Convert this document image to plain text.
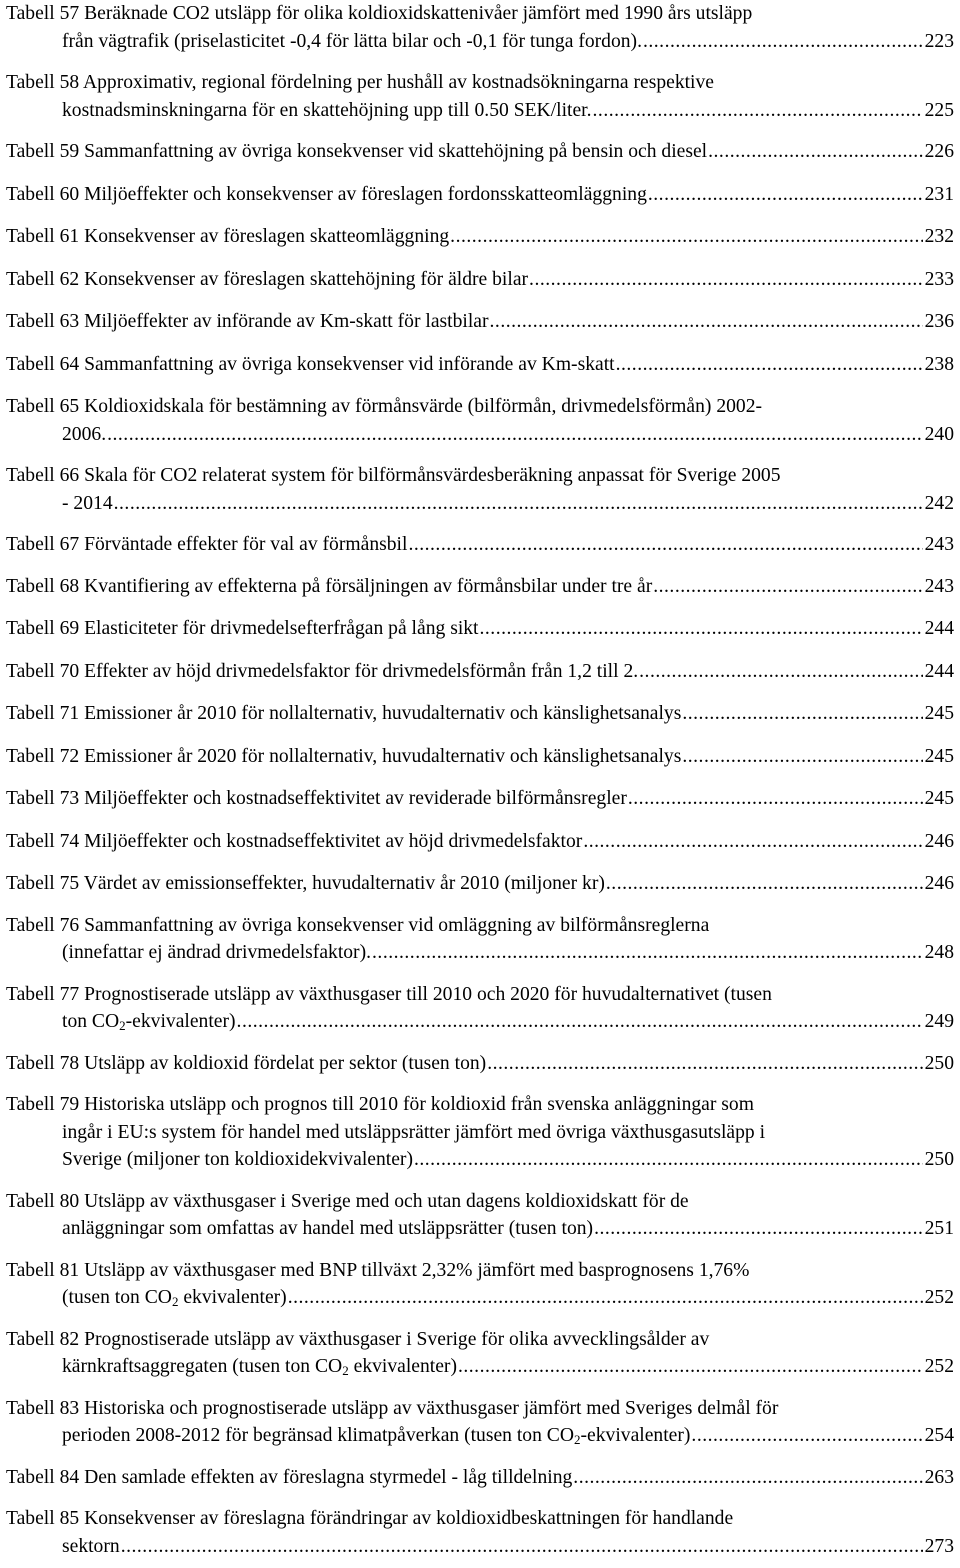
Tabell 57 Beräknade CO2 utsläpp för olika koldioxidskattenivåer jämfört med 1990 års utsläpp
från vägtrafik (priselasticitet -0,4 för lätta bilar och -0,1 för tunga fordon). .....	223
Tabell 58 Approximativ, regional fördelning per hushåll av kostnadsökningarna respektive
kostnadsminskningarna för en skattehöjning upp till 0.50 SEK/liter. .....	225
Tabell 59 Sammanfattning av övriga konsekvenser vid skattehöjning på bensin och diesel .....	226
Tabell 60 Miljöeffekter och konsekvenser av föreslagen fordonsskatteomläggning .....	231
Tabell 61 Konsekvenser av föreslagen skatteomläggning .....	232
Tabell 62 Konsekvenser av föreslagen skattehöjning för äldre bilar .....	233
Tabell 63 Miljöeffekter av införande av Km-skatt för lastbilar .....	236
Tabell 64 Sammanfattning av övriga konsekvenser vid införande av Km-skatt .....	238
Tabell 65 Koldioxidskala för bestämning av förmånsvärde (bilförmån, drivmedelsförmån) 2002-
2006. .....	240
Tabell 66 Skala för CO2 relaterat system för bilförmånsvärdesberäkning anpassat för Sverige 2005
- 2014 .....	242
Tabell 67 Förväntade effekter för val av förmånsbil .....	243
Tabell 68 Kvantifiering av effekterna på försäljningen av förmånsbilar under tre år .....	243
Tabell 69 Elasticiteter för drivmedelsefterfrågan på lång sikt .....	244
Tabell 70 Effekter av höjd drivmedelsfaktor för drivmedelsförmån från 1,2 till 2. .....	244
Tabell 71 Emissioner år 2010 för nollalternativ, huvudalternativ och känslighetsanalys .....	245
Tabell 72 Emissioner år 2020 för nollalternativ, huvudalternativ och känslighetsanalys .....	245
Tabell 73 Miljöeffekter och kostnadseffektivitet av reviderade bilförmånsregler .....	245
Tabell 74 Miljöeffekter och kostnadseffektivitet av höjd drivmedelsfaktor .....	246
Tabell 75 Värdet av emissionseffekter, huvudalternativ år 2010 (miljoner kr) .....	246
Tabell 76 Sammanfattning av övriga konsekvenser vid omläggning av bilförmånsreglerna
(innefattar ej ändrad drivmedelsfaktor). .....	248
Tabell 77 Prognostiserade utsläpp av växthusgaser till 2010 och 2020 för huvudalternativet (tusen
ton $CO_2-ekvivalenter$) .....	249
Tabell 78 Utsläpp av koldioxid fördelat per sektor (tusen ton) .....	250
Tabell 79 Historiska utsläpp och prognos till 2010 för koldioxid från svenska anläggningar som
ingår i EU:s system för handel med utsläppsrätter jämfört med övriga växthusgasutsläpp i
Sverige (miljoner ton koldioxidekvivalenter) .....	250
Tabell 80 Utsläpp av växthusgaser i Sverige med och utan dagens koldioxidskatt för de
anläggningar som omfattas av handel med utsläppsrätter (tusen ton) .....	251
Tabell 81 Utsläpp av växthusgaser med BNP tillväxt 2,32% jämfört med basprognosens 1,76%
(tusen ton $CO_2$ ekvivalenter) .....	252
Tabell 82 Prognostiserade utsläpp av växthusgaser i Sverige för olika avvecklingsålder av
kärnkraftsaggregaten (tusen ton $CO_2$ ekvivalenter) .....	252
Tabell 83 Historiska och prognostiserade utsläpp av växthusgaser jämfört med Sveriges delmål för
perioden 2008-2012 för begränsad klimatpåverkan (tusen ton $CO_2-ekvivalenter$) .....	254
Tabell 84 Den samlade effekten av föreslagna styrmedel - låg tilldelning .....	263
Tabell 85 Konsekvenser av föreslagna förändringar av koldioxidbeskattningen för handlande
sektorn .....	273
